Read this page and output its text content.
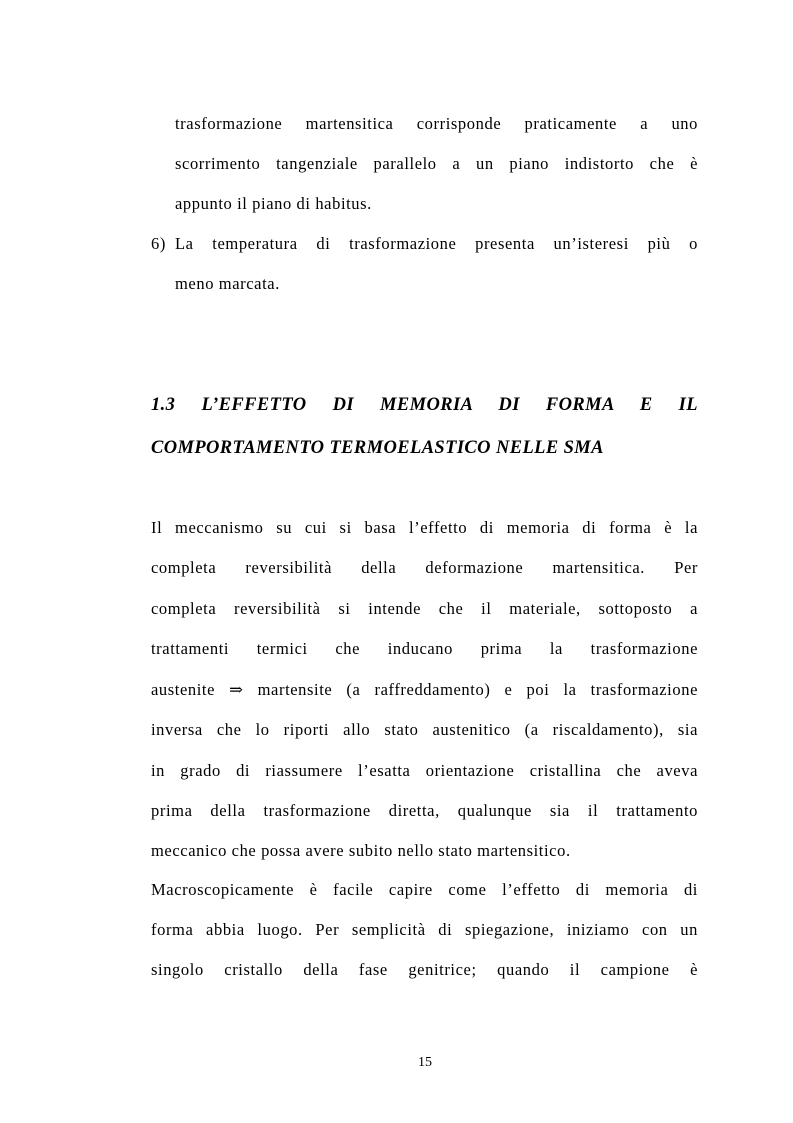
trasformazione martensitica corrisponde praticamente a uno
scorrimento tangenziale parallelo a un piano indistorto che è
appunto il piano di habitus.
6) La temperatura di trasformazione presenta un’isteresi più o
meno marcata.
1.3 L’EFFETTO DI MEMORIA DI FORMA E IL
COMPORTAMENTO TERMOELASTICO NELLE SMA
Il meccanismo su cui si basa l’effetto di memoria di forma è la
completa reversibilità della deformazione martensitica. Per
completa reversibilità si intende che il materiale, sottoposto a
trattamenti termici che inducano prima la trasformazione
austenite ⇒ martensite (a raffreddamento) e poi la trasformazione
inversa che lo riporti allo stato austenitico (a riscaldamento), sia
in grado di riassumere l’esatta orientazione cristallina che aveva
prima della trasformazione diretta, qualunque sia il trattamento
meccanico che possa avere subito nello stato martensitico.
Macroscopicamente è facile capire come l’effetto di memoria di
forma abbia luogo. Per semplicità di spiegazione, iniziamo con un
singolo cristallo della fase genitrice; quando il campione è
15
